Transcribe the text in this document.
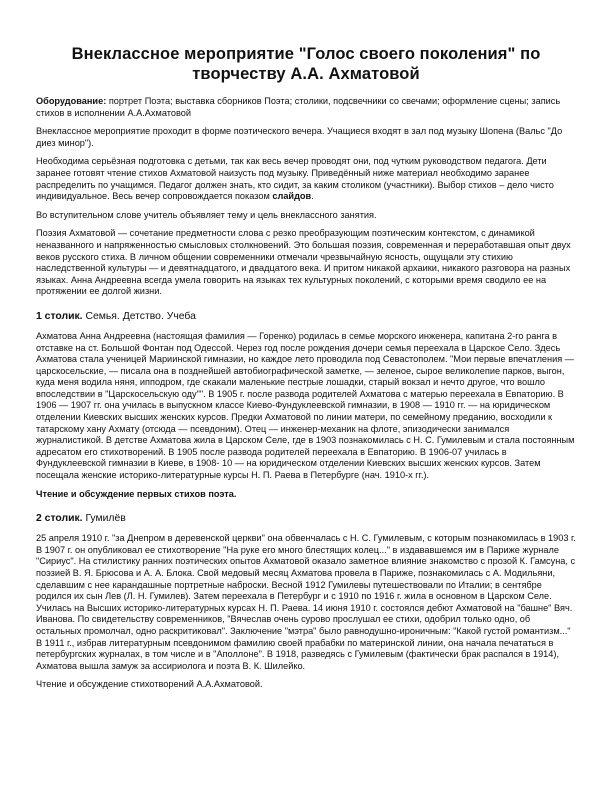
Внеклассное мероприятие "Голос своего поколения" по творчеству А.А. Ахматовой

Оборудование: портрет Поэта; выставка сборников Поэта; столики, подсвечники со свечами; оформление сцены; запись стихов в исполнении А.А.Ахматовой

Внеклассное мероприятие проходит в форме поэтического вечера. Учащиеся входят в зал под музыку Шопена (Вальс "До диез минор").

Необходима серьёзная подготовка с детьми, так как весь вечер проводят они, под чутким руководством педагога. Дети заранее готовят чтение стихов Ахматовой наизусть под музыку. Приведённый ниже материал необходимо заранее распределить по учащимся. Педагог должен знать, кто сидит, за каким столиком (участники). Выбор стихов – дело чисто индивидуальное. Весь вечер сопровождается показом слайдов.

Во вступительном слове учитель объявляет тему и цель внеклассного занятия.

Поэзия Ахматовой — сочетание предметности слова с резко преобразующим поэтическим контекстом, с динамикой неназванного и напряженностью смысловых столкновений. Это большая поэзия, современная и переработавшая опыт двух веков русского стиха. В личном общении современники отмечали чрезвычайную ясность, ощущали эту стихию наследственной культуры — и девятнадцатого, и двадцатого века. И притом никакой архаики, никакого разговора на разных языках. Анна Андреевна всегда умела говорить на языках тех культурных поколений, с которыми время сводило ее на протяжении ее долгой жизни.

1 столик. Семья. Детство. Учеба

Ахматова Анна Андреевна (настоящая фамилия — Горенко) родилась в семье морского инженера, капитана 2-го ранга в отставке на ст. Большой Фонтан под Одессой. Через год после рождения дочери семья переехала в Царское Село. Здесь Ахматова стала ученицей Мариинской гимназии, но каждое лето проводила под Севастополем. "Мои первые впечатления — царскосельские, — писала она в позднейшей автобиографической заметке, — зеленое, сырое великолепие парков, выгон, куда меня водила няня, ипподром, где скакали маленькие пестрые лошадки, старый вокзал и нечто другое, что вошло впоследствии в "Царскосельскую оду"". В 1905 г. после развода родителей Ахматова с матерью переехала в Евпаторию. В 1906 — 1907 гг. она училась в выпускном классе Киево-Фундуклеевской гимназии, в 1908 — 1910 гг. — на юридическом отделении Киевских высших женских курсов. Предки Ахматовой по линии матери, по семейному преданию, восходили к татарскому хану Ахмату (отсюда — псевдоним). Отец — инженер-механик на флоте, эпизодически занимался журналистикой. В детстве Ахматова жила в Царском Селе, где в 1903 познакомилась с Н. С. Гумилевым и стала постоянным адресатом его стихотворений. В 1905 после развода родителей переехала в Евпаторию. В 1906-07 училась в Фундуклеевской гимназии в Киеве, в 1908- 10 — на юридическом отделении Киевских высших женских курсов. Затем посещала женские историко-литературные курсы Н. П. Раева в Петербурге (нач. 1910-х гг.).

Чтение и обсуждение первых стихов поэта.

2 столик. Гумилёв

25 апреля 1910 г. "за Днепром в деревенской церкви" она обвенчалась с Н. С. Гумилевым, с которым познакомилась в 1903 г. В 1907 г. он опубликовал ее стихотворение "На руке его много блестящих колец..." в издававшемся им в Париже журнале "Сириус". На стилистику ранних поэтических опытов Ахматовой оказало заметное влияние знакомство с прозой К. Гамсуна, с поэзией В. Я. Брюсова и А. А. Блока. Свой медовый месяц Ахматова провела в Париже, познакомилась с А. Модильяни, сделавшим с нее карандашные портретные наброски. Весной 1912 Гумилевы путешествовали по Италии; в сентябре родился их сын Лев (Л. Н. Гумилев). Затем переехала в Петербург и с 1910 по 1916 г. жила в основном в Царском Селе. Училась на Высших историко-литературных курсах Н. П. Раева. 14 июня 1910 г. состоялся дебют Ахматовой на "башне" Вяч. Иванова. По свидетельству современников, "Вячеслав очень сурово прослушал ее стихи, одобрил только одно, об остальных промолчал, одно раскритиковал". Заключение "мэтра" было равнодушно-ироничным: "Какой густой романтизм..." В 1911 г., избрав литературным псевдонимом фамилию своей прабабки по материнской линии, она начала печататься в петербургских журналах, в том числе и в "Аполлоне". В 1918, разведясь с Гумилевым (фактически брак распался в 1914), Ахматова вышла замуж за ассириолога и поэта В. К. Шилейко.

Чтение и обсуждение стихотворений А.А.Ахматовой.
